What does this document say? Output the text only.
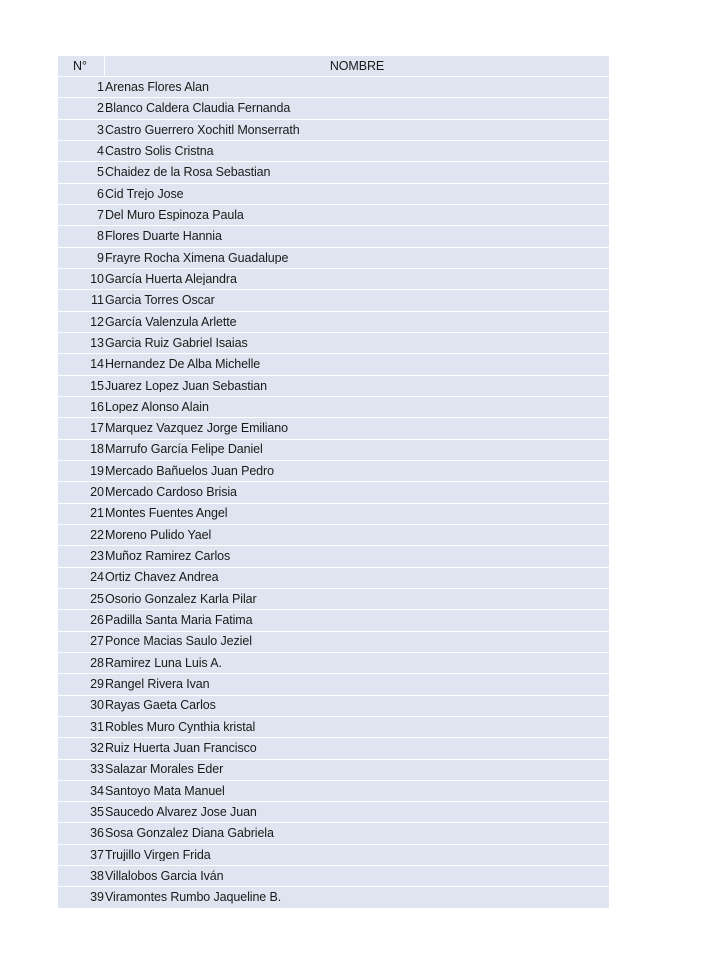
N°	NOMBRE
1 Arenas Flores Alan
2 Blanco Caldera Claudia Fernanda
3 Castro Guerrero Xochitl Monserrath
4 Castro Solis Cristna
5 Chaidez de la Rosa Sebastian
6 Cid Trejo Jose
7 Del Muro Espinoza Paula
8 Flores Duarte Hannia
9 Frayre Rocha Ximena Guadalupe
10 García Huerta Alejandra
11 Garcia Torres Oscar
12 García Valenzula Arlette
13 Garcia Ruiz Gabriel Isaias
14 Hernandez De Alba Michelle
15 Juarez Lopez Juan Sebastian
16 Lopez Alonso Alain
17 Marquez Vazquez Jorge Emiliano
18 Marrufo García Felipe Daniel
19 Mercado Bañuelos Juan Pedro
20 Mercado Cardoso Brisia
21 Montes Fuentes Angel
22 Moreno Pulido Yael
23 Muñoz Ramirez Carlos
24 Ortiz Chavez Andrea
25 Osorio Gonzalez Karla Pilar
26 Padilla Santa Maria Fatima
27 Ponce Macias Saulo Jeziel
28 Ramirez Luna Luis A.
29 Rangel Rivera Ivan
30 Rayas Gaeta Carlos
31 Robles Muro Cynthia kristal
32 Ruiz Huerta Juan Francisco
33 Salazar Morales Eder
34 Santoyo Mata Manuel
35 Saucedo Alvarez Jose Juan
36 Sosa Gonzalez Diana Gabriela
37 Trujillo Virgen Frida
38 Villalobos Garcia Iván
39 Viramontes Rumbo Jaqueline B.
